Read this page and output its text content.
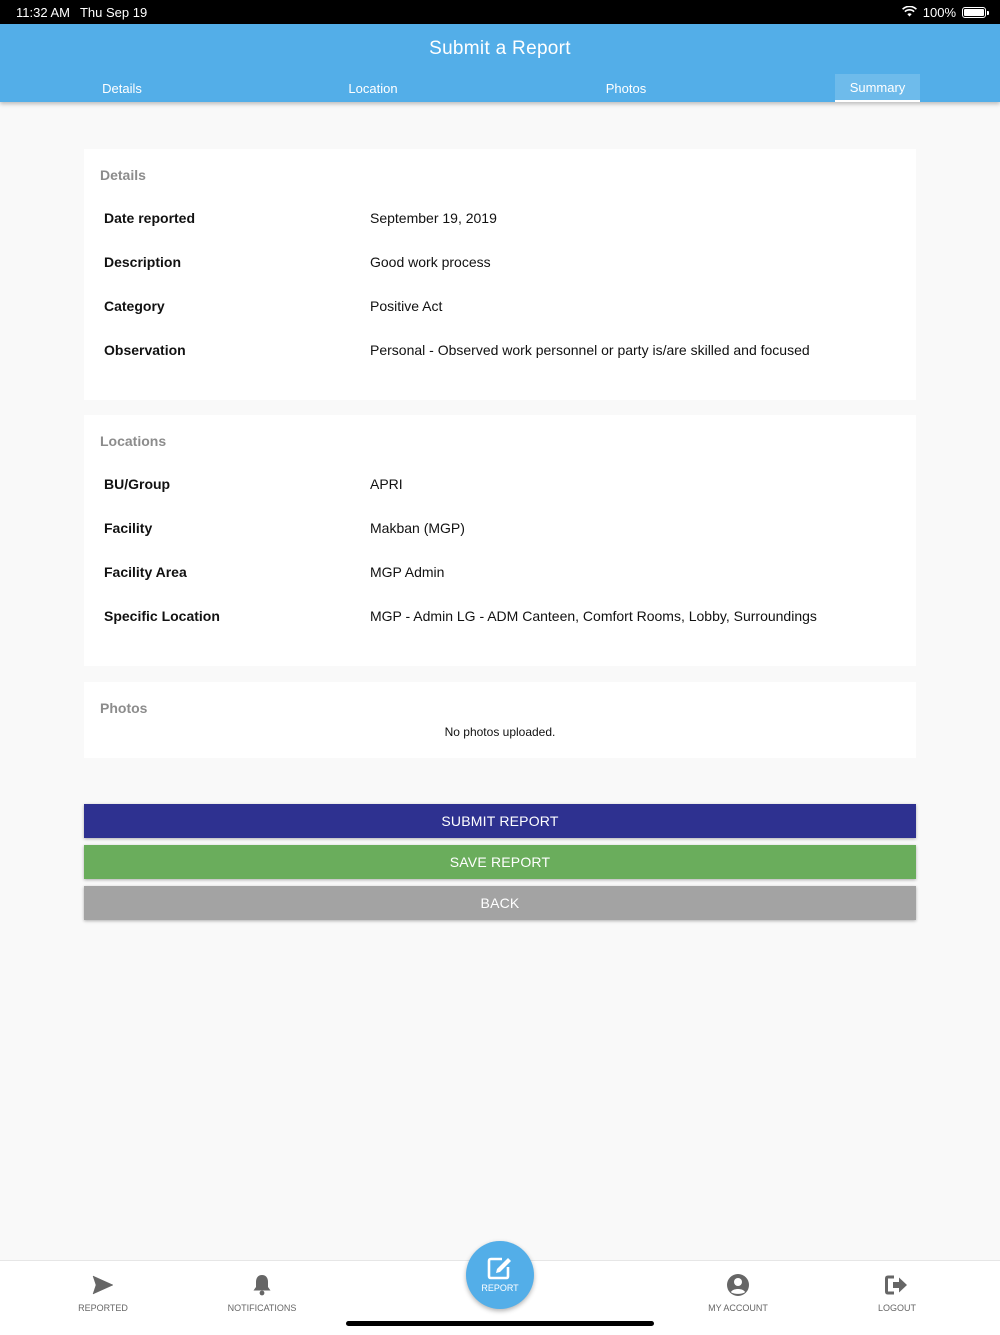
11:32 AM Thu Sep 19	100%
Submit a Report
Details	Location	Photos	Summary
Details
Date reported	September 19, 2019
Description	Good work process
Category	Positive Act
Observation	Personal - Observed work personnel or party is/are skilled and focused
Locations
BU/Group	APRI
Facility	Makban (MGP)
Facility Area	MGP Admin
Specific Location	MGP - Admin LG - ADM Canteen, Comfort Rooms, Lobby, Surroundings
Photos
No photos uploaded.
SUBMIT REPORT
SAVE REPORT
BACK
REPORTED	NOTIFICATIONS	MY ACCOUNT	LOGOUT
REPORT
